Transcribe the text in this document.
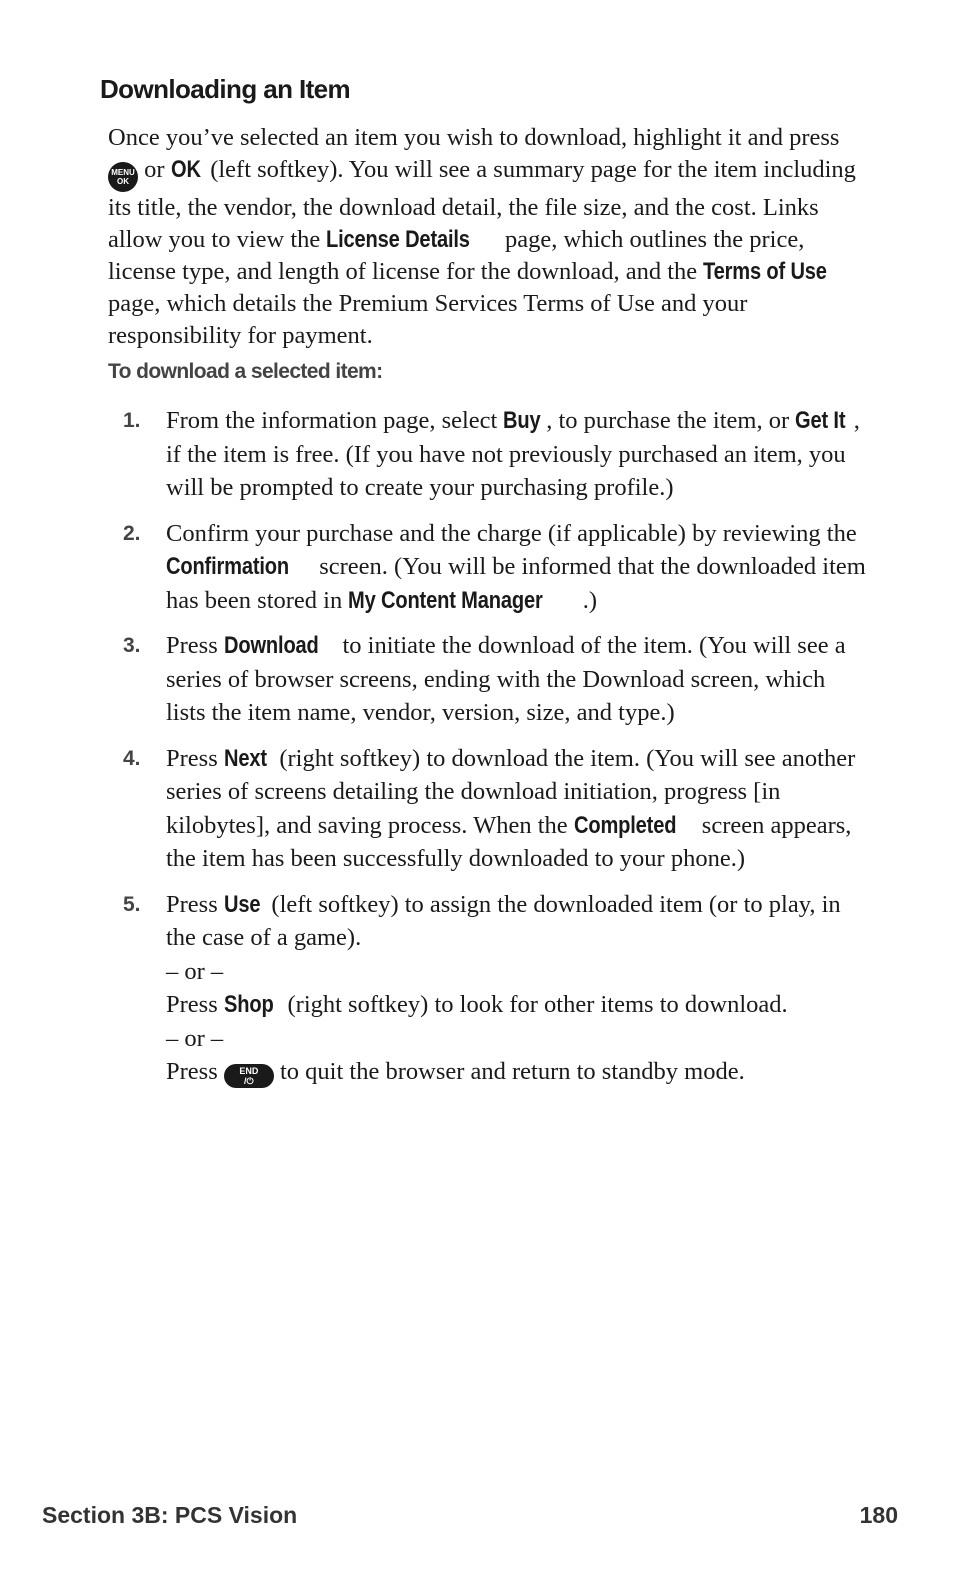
Downloading an Item

Once you’ve selected an item you wish to download, highlight it and press MENU
OK or OK (left softkey). You will see a summary page for the item including its title, the vendor, the download detail, the file size, and the cost. Links allow you to view the License Details page, which outlines the price, license type, and length of license for the download, and the Terms of Use page, which details the Premium Services Terms of Use and your responsibility for payment.

To download a selected item:
1. From the information page, select Buy , to purchase the item, or Get It , if the item is free. (If you have not previously purchased an item, you will be prompted to create your purchasing profile.)

2. Confirm your purchase and the charge (if applicable) by reviewing the Confirmation screen. (You will be informed that the downloaded item has been stored in My Content Manager .)

3. Press Download to initiate the download of the item. (You will see a series of browser screens, ending with the Download screen, which lists the item name, vendor, version, size, and type.)

4. Press Next (right softkey) to download the item. (You will see another series of screens detailing the download initiation, progress [in kilobytes], and saving process. When the Completed screen appears, the item has been successfully downloaded to your phone.)

5. Press Use (left softkey) to assign the downloaded item (or to play, in the case of a game).

– or –

Press Shop (right softkey) to look for other items to download.

– or –

Press END
/⏻ to quit the browser and return to standby mode.

Section 3B: PCS Vision	180
